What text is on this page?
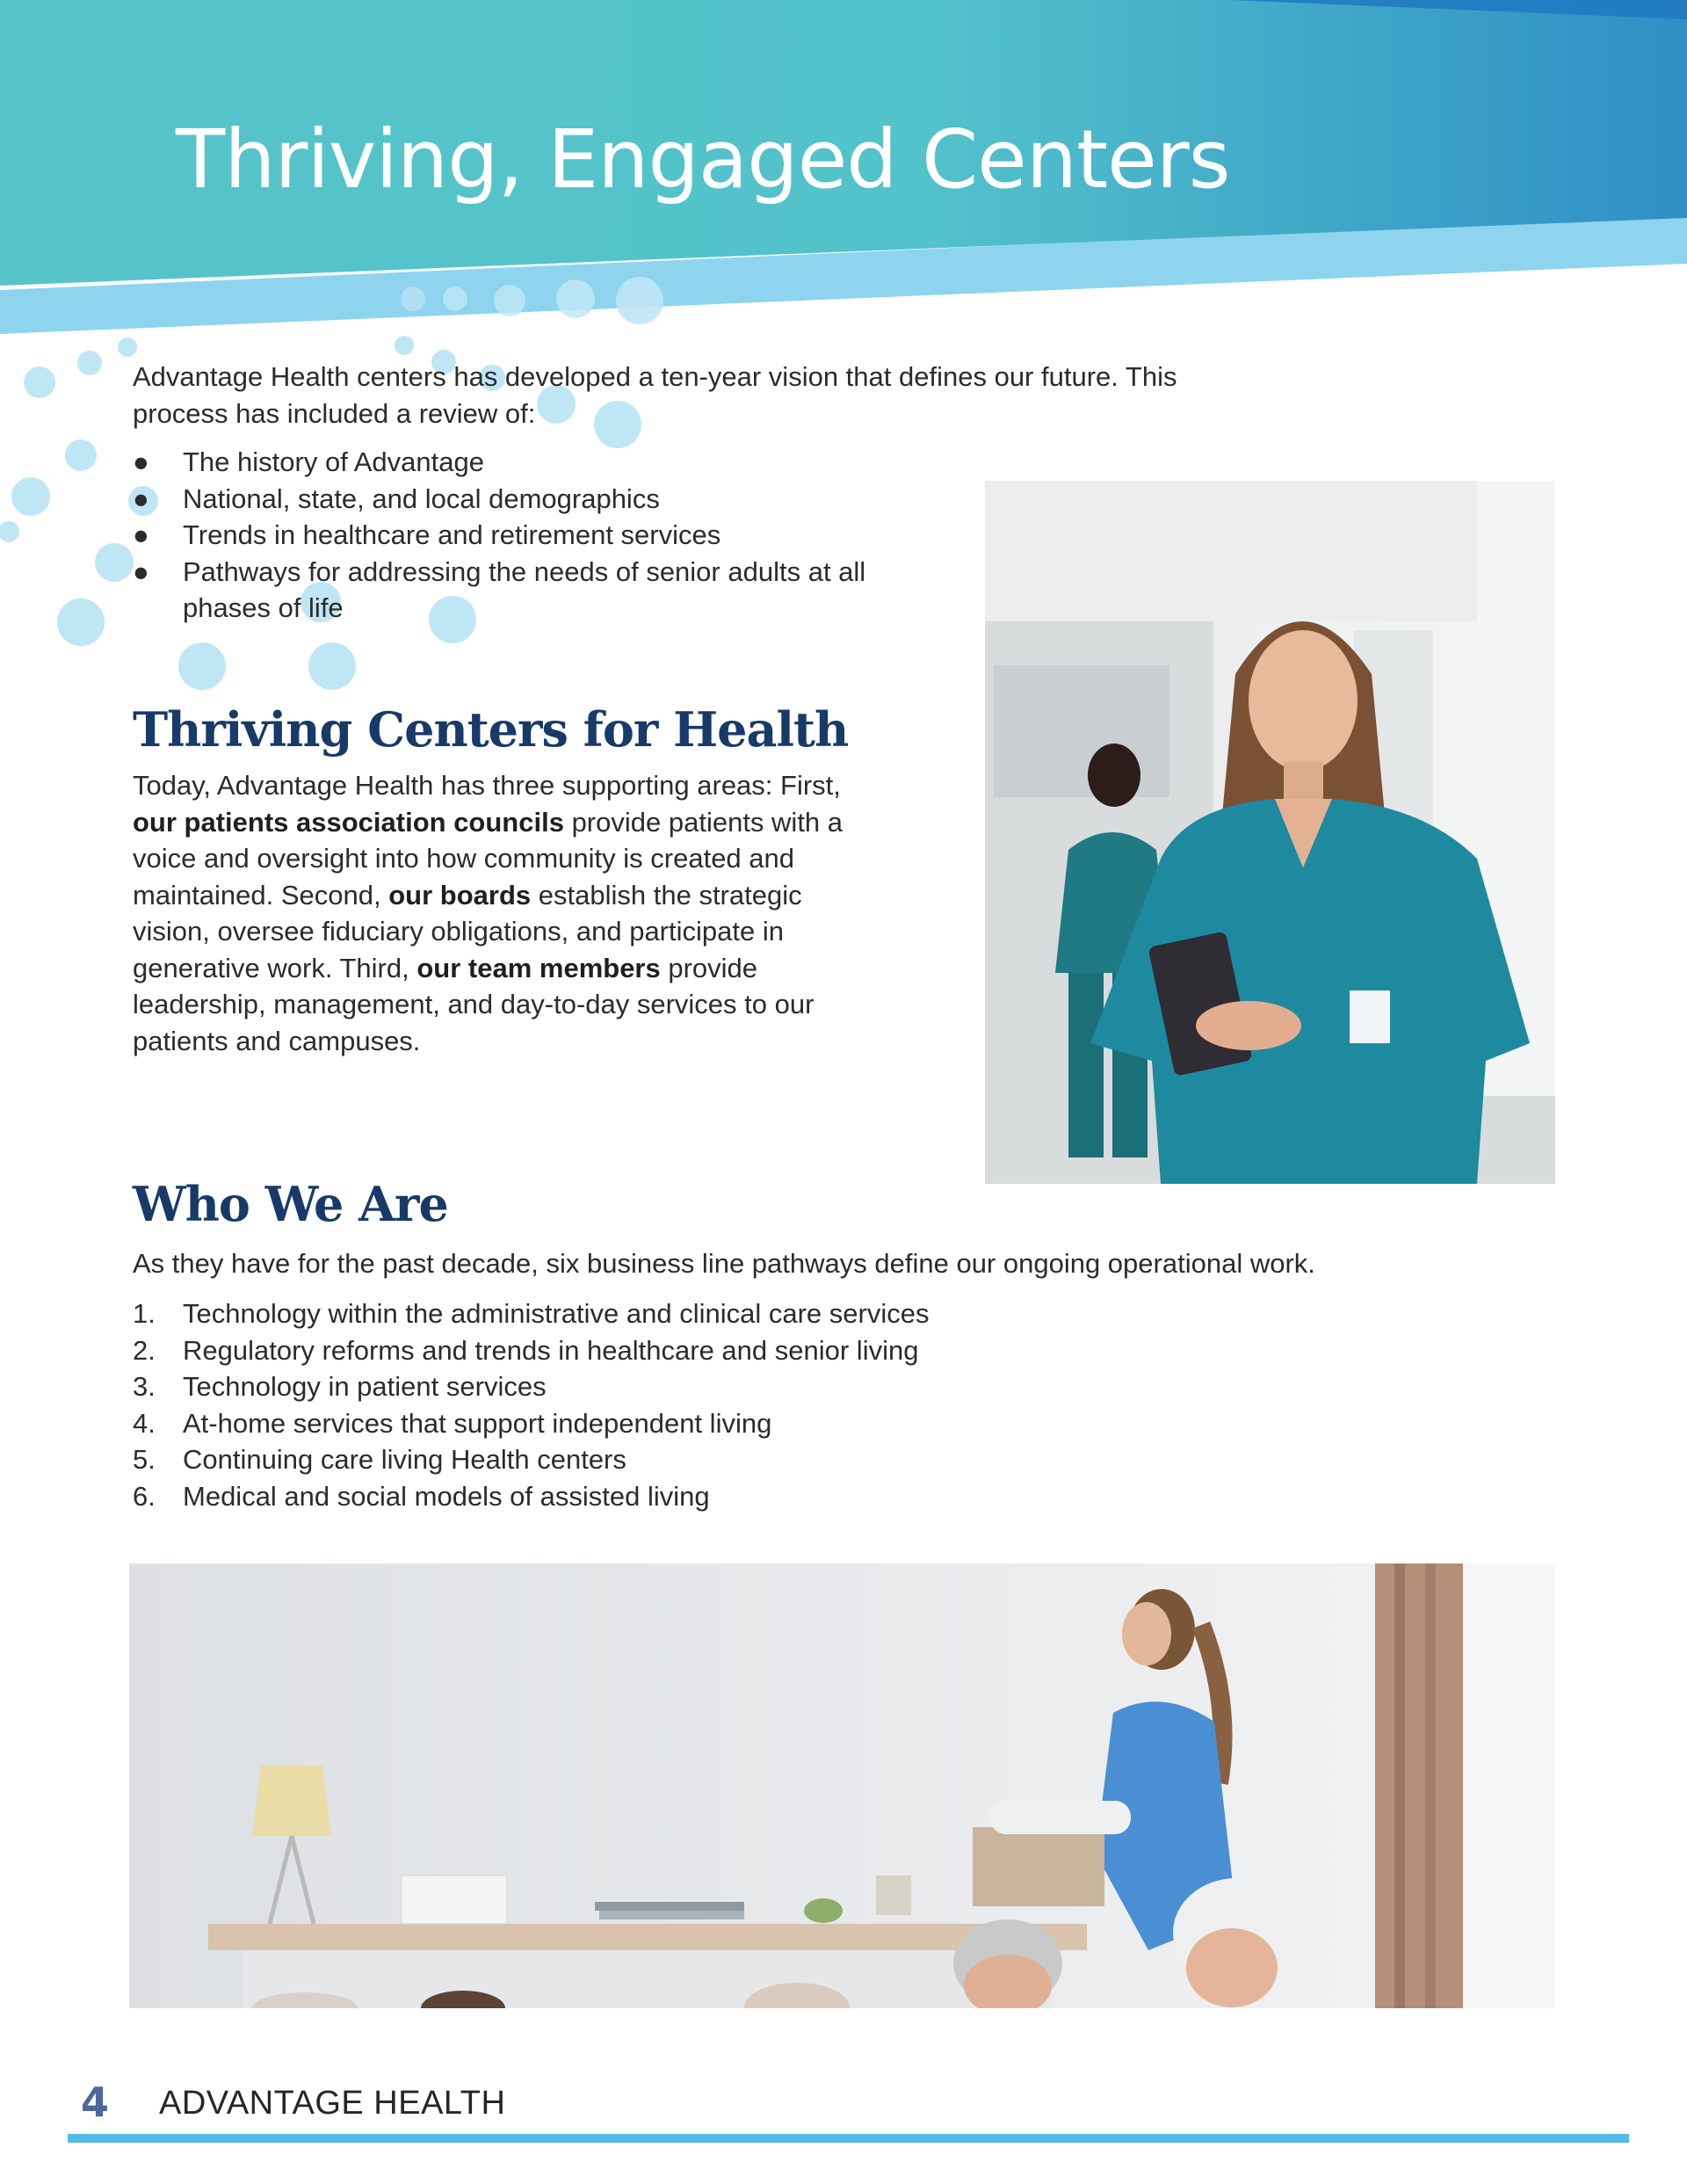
Thriving, Engaged Centers

Advantage Health centers has developed a ten-year vision that defines our future. This process has included a review of:

● The history of Advantage
● National, state, and local demographics
● Trends in healthcare and retirement services
● Pathways for addressing the needs of senior adults at all phases of life
Thriving Centers for Health

Today, Advantage Health has three supporting areas: First, our patients association councils provide patients with a voice and oversight into how community is created and maintained. Second, our boards establish the strategic vision, oversee fiduciary obligations, and participate in generative work. Third, our team members provide leadership, management, and day-to-day services to our patients and campuses.

Who We Are

As they have for the past decade, six business line pathways define our ongoing operational work.

1. Technology within the administrative and clinical care services
2. Regulatory reforms and trends in healthcare and senior living
3. Technology in patient services
4. At-home services that support independent living
5. Continuing care living Health centers
6. Medical and social models of assisted living
4 ADVANTAGE HEALTH
